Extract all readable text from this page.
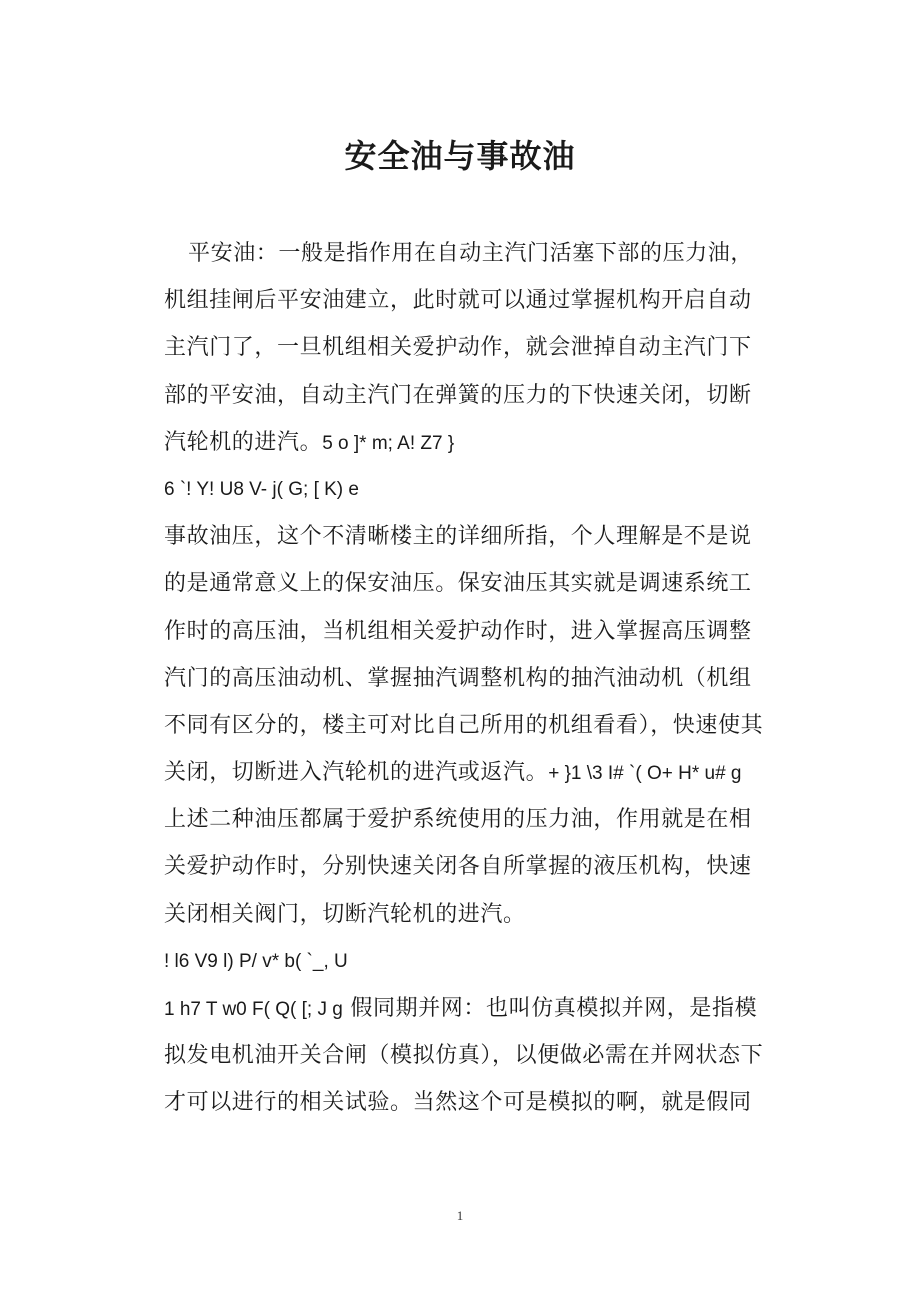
安全油与事故油
平安油：一般是指作用在自动主汽门活塞下部的压力油，
机组挂闸后平安油建立，此时就可以通过掌握机构开启自动
主汽门了，一旦机组相关爱护动作，就会泄掉自动主汽门下
部的平安油，自动主汽门在弹簧的压力的下快速关闭，切断
汽轮机的进汽。5 o ]* m; A! Z7 }
6 `! Y! U8 V- j( G; [ K) e
事故油压，这个不清晰楼主的详细所指，个人理解是不是说
的是通常意义上的保安油压。保安油压其实就是调速系统工
作时的高压油，当机组相关爱护动作时，进入掌握高压调整
汽门的高压油动机、掌握抽汽调整机构的抽汽油动机（机组
不同有区分的，楼主可对比自己所用的机组看看），快速使其
关闭，切断进入汽轮机的进汽或返汽。+ }1 \3 I# `( O+ H* u# g
上述二种油压都属于爱护系统使用的压力油，作用就是在相
关爱护动作时，分别快速关闭各自所掌握的液压机构，快速
关闭相关阀门，切断汽轮机的进汽。
! l6 V9 l) P/ v* b( `_, U
1 h7 T w0 F( Q( [; J g 假同期并网：也叫仿真模拟并网，是指模
拟发电机油开关合闸（模拟仿真），以便做必需在并网状态下
才可以进行的相关试验。当然这个可是模拟的啊，就是假同
1
